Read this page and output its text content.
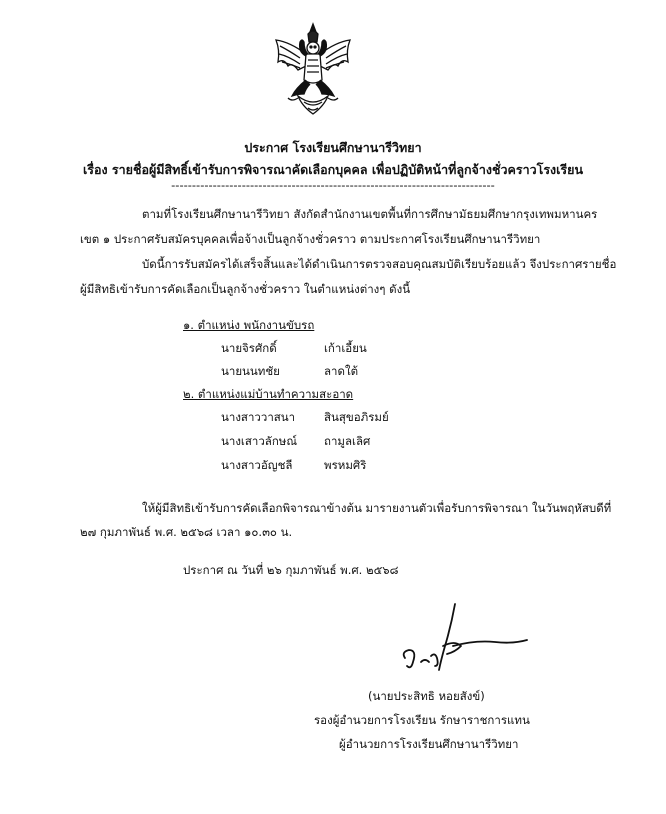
ประกาศ โรงเรียนศึกษานารีวิทยา
เรื่อง รายชื่อผู้มีสิทธิ์เข้ารับการพิจารณาคัดเลือกบุคคล เพื่อปฏิบัติหน้าที่ลูกจ้างชั่วคราวโรงเรียน
------------------------------------------------------------------------------
ตามที่โรงเรียนศึกษานารีวิทยา สังกัดสำนักงานเขตพื้นที่การศึกษามัธยมศึกษากรุงเทพมหานคร
เขต ๑ ประกาศรับสมัครบุคคลเพื่อจ้างเป็นลูกจ้างชั่วคราว ตามประกาศโรงเรียนศึกษานารีวิทยา
บัดนี้การรับสมัครได้เสร็จสิ้นและได้ดำเนินการตรวจสอบคุณสมบัติเรียบร้อยแล้ว จึงประกาศรายชื่อ
ผู้มีสิทธิเข้ารับการคัดเลือกเป็นลูกจ้างชั่วคราว ในตำแหน่งต่างๆ ดังนี้
๑. ตำแหน่ง พนักงานขับรถ
นายจิรศักดิ์	เก้าเอี้ยน
นายนนทชัย	ลาดใต้
๒. ตำแหน่งแม่บ้านทำความสะอาด
นางสาววาสนา	สินสุขอภิรมย์
นางเสาวลักษณ์ ถามูลเลิศ
นางสาวอัญชลี	พรหมศิริ
ให้ผู้มีสิทธิเข้ารับการคัดเลือกพิจารณาข้างต้น มารายงานตัวเพื่อรับการพิจารณา ในวันพฤหัสบดีที่
๒๗ กุมภาพันธ์ พ.ศ. ๒๕๖๘ เวลา ๑๐.๓๐ น.
ประกาศ ณ วันที่ ๒๖ กุมภาพันธ์ พ.ศ. ๒๕๖๘
(นายประสิทธิ หอยสังข์)
รองผู้อำนวยการโรงเรียน รักษาราชการแทน
ผู้อำนวยการโรงเรียนศึกษานารีวิทยา
